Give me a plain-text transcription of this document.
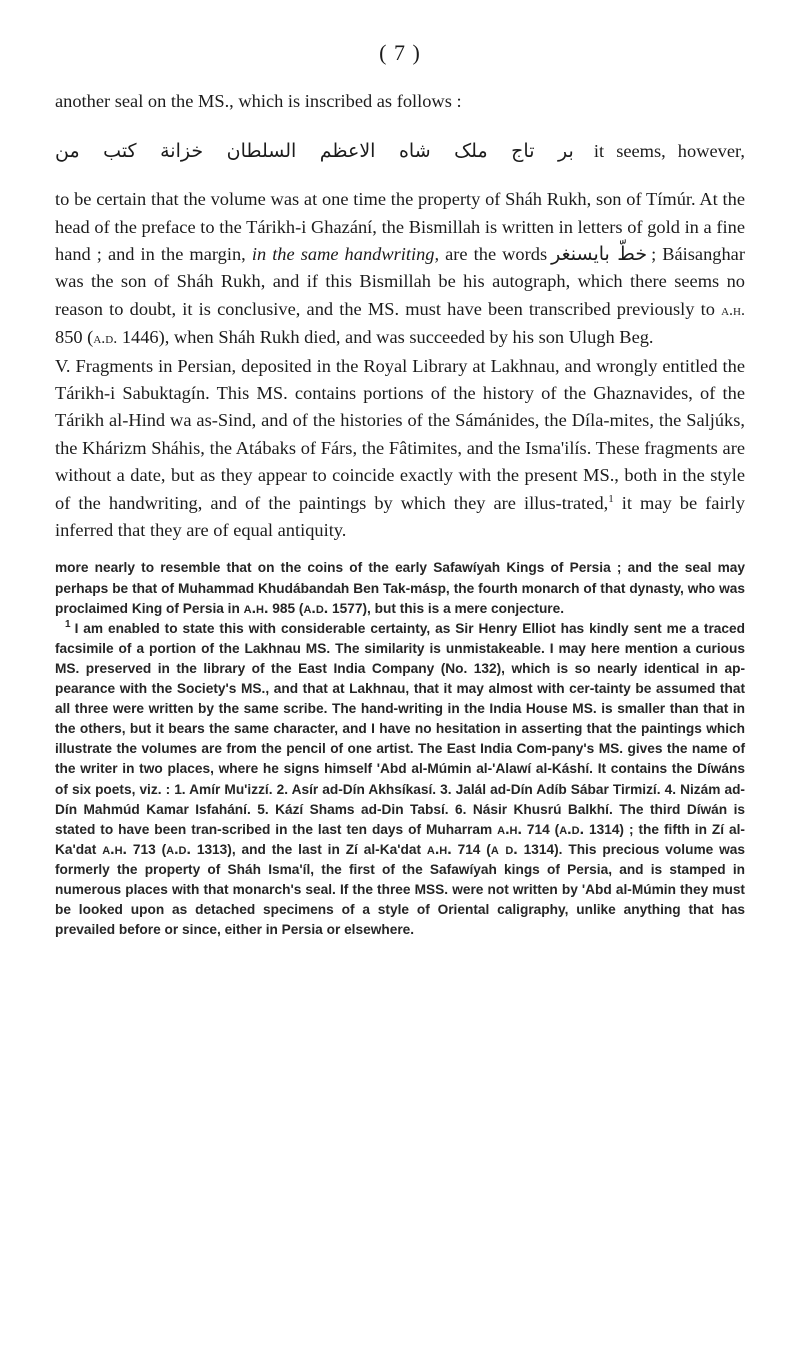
( 7 )

another seal on the MS., which is inscribed as follows :

بر تاج ملک شاه الاعظم السلطان خزانة کتب من it seems, however,

to be certain that the volume was at one time the property of Sháh Rukh, son of Tímúr. At the head of the preface to the Tárikh-i Ghazání, the Bismillah is written in letters of gold in a fine hand ; and in the margin, in the same handwriting, are the words خطّ بایسنغر ; Báisanghar was the son of Sháh Rukh, and if this Bismillah be his autograph, which there seems no reason to doubt, it is conclusive, and the MS. must have been transcribed previously to a.h. 850 (a.d. 1446), when Sháh Rukh died, and was succeeded by his son Ulugh Beg.

V. Fragments in Persian, deposited in the Royal Library at Lakhnau, and wrongly entitled the Tárikh-i Sabuktagín. This MS. contains portions of the history of the Ghaznavides, of the Tárikh al-Hind wa as-Sind, and of the histories of the Sámánides, the Díla-mites, the Saljúks, the Khárizm Sháhis, the Atábaks of Fárs, the Fâtimites, and the Isma'ilís. These fragments are without a date, but as they appear to coincide exactly with the present MS., both in the style of the handwriting, and of the paintings by which they are illus-trated,$^1$ it may be fairly inferred that they are of equal antiquity.

more nearly to resemble that on the coins of the early Safawíyah Kings of Persia ; and the seal may perhaps be that of Muhammad Khudábandah Ben Tak-másp, the fourth monarch of that dynasty, who was proclaimed King of Persia in a.h. 985 (a.d. 1577), but this is a mere conjecture.

$^1$ I am enabled to state this with considerable certainty, as Sir Henry Elliot has kindly sent me a traced facsimile of a portion of the Lakhnau MS. The similarity is unmistakeable. I may here mention a curious MS. preserved in the library of the East India Company (No. 132), which is so nearly identical in ap-pearance with the Society's MS., and that at Lakhnau, that it may almost with cer-tainty be assumed that all three were written by the same scribe. The hand-writing in the India House MS. is smaller than that in the others, but it bears the same character, and I have no hesitation in asserting that the paintings which illustrate the volumes are from the pencil of one artist. The East India Com-pany's MS. gives the name of the writer in two places, where he signs himself 'Abd al-Múmin al-'Alawí al-Káshí. It contains the Díwáns of six poets, viz. : 1. Amír Mu'izzí. 2. Asír ad-Dín Akhsíkasí. 3. Jalál ad-Dín Adíb Sábar Tirmizí. 4. Nizám ad-Dín Mahmúd Kamar Isfahání. 5. Kází Shams ad-Din Tabsí. 6. Násir Khusrú Balkhí. The third Díwán is stated to have been tran-scribed in the last ten days of Muharram a.h. 714 (a.d. 1314) ; the fifth in Zí al-Ka'dat a.h. 713 (a.d. 1313), and the last in Zí al-Ka'dat a.h. 714 (a d. 1314). This precious volume was formerly the property of Sháh Isma'íl, the first of the Safawíyah kings of Persia, and is stamped in numerous places with that monarch's seal. If the three MSS. were not written by 'Abd al-Múmin they must be looked upon as detached specimens of a style of Oriental caligraphy, unlike anything that has prevailed before or since, either in Persia or elsewhere.
